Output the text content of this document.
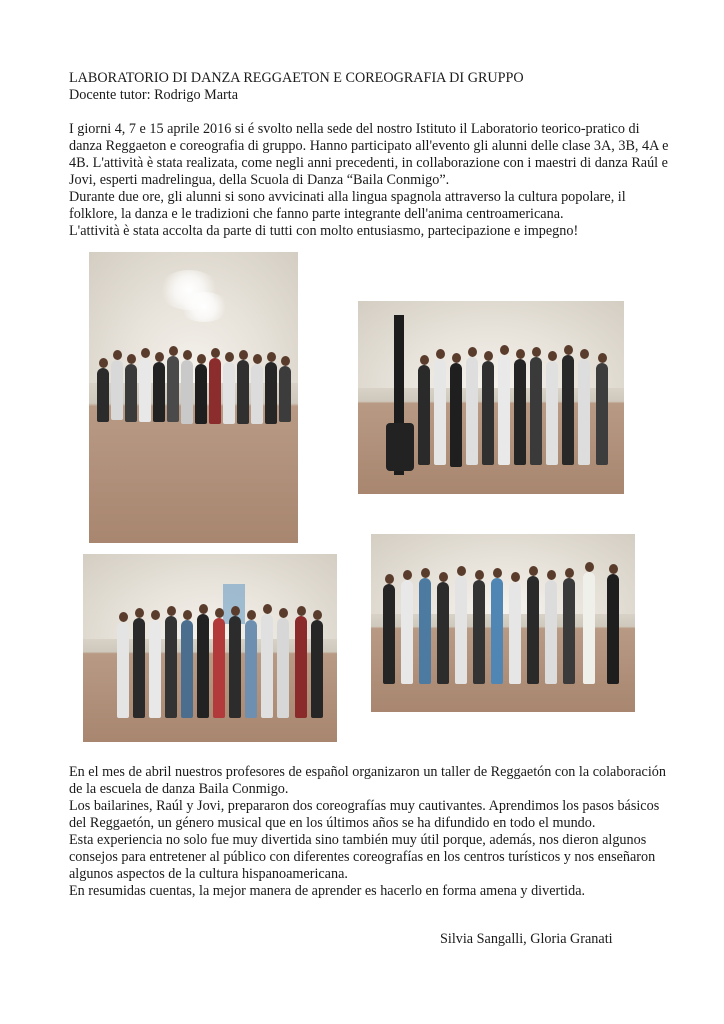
LABORATORIO DI DANZA REGGAETON E COREOGRAFIA DI GRUPPO

Docente tutor: Rodrigo Marta

I giorni 4, 7 e 15 aprile 2016 si é svolto nella sede del nostro Istituto il Laboratorio teorico-pratico di danza Reggaeton e coreografia di gruppo. Hanno participato all'evento gli alunni delle clase 3A, 3B, 4A e 4B. L'attività è stata realizata, come negli anni precedenti, in collaborazione con i maestri di danza Raúl e Jovi, esperti madrelingua, della Scuola di Danza “Baila Conmigo”.

Durante due ore, gli alunni si sono avvicinati alla lingua spagnola attraverso la cultura popolare, il folklore, la danza e le tradizioni che fanno parte integrante dell'anima centroamericana.

L'attività è stata accolta da parte di tutti con molto entusiasmo, partecipazione e impegno!

En el mes de abril nuestros profesores de español organizaron un taller de Reggaetón con la colaboración de la escuela de danza Baila Conmigo.

Los bailarines, Raúl y Jovi, prepararon dos coreografías muy cautivantes. Aprendimos los pasos básicos del Reggaetón, un género musical que en los últimos años se ha difundido en todo el mundo.

Esta experiencia no solo fue muy divertida sino también muy útil porque, además, nos dieron algunos consejos para entretener al público con diferentes coreografías en los centros turísticos y nos enseñaron algunos aspectos de la cultura hispanoamericana.

En resumidas cuentas, la mejor manera de aprender es hacerlo en forma amena y divertida.

Silvia Sangalli, Gloria Granati
